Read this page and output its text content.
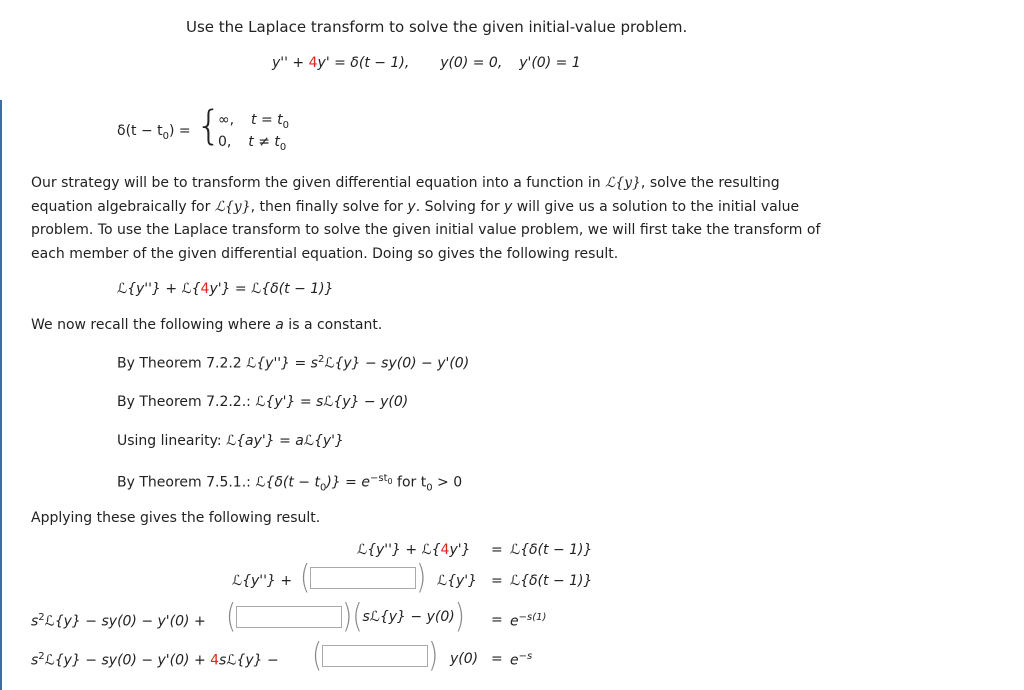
Use the Laplace transform to solve the given initial-value problem.
y'' + 4y' = δ(t − 1), y(0) = 0, y'(0) = 1
$\delta(t - t_0)$ = {
∞, $t = t_0$
0, $t \ne t_0$
Our strategy will be to transform the given differential equation into a function in ℒ{y}, solve the resulting equation algebraically for ℒ{y}, then finally solve for y. Solving for y will give us a solution to the initial value problem. To use the Laplace transform to solve the given initial value problem, we will first take the transform of each member of the given differential equation. Doing so gives the following result.
ℒ{y''} + ℒ{4y'} = ℒ{δ(t − 1)}
We now recall the following where a is a constant.
By Theorem 7.2.2 ℒ{y''} = $s^2ℒ\{y\} - sy(0) - y'(0)$
By Theorem 7.2.2.: ℒ{y'} = sℒ{y} − y(0)
Using linearity: ℒ{ay'} = aℒ{y'}
By Theorem 7.5.1.: ℒ{δ(t − $t_0)\} = e^{-st_0}$ for $t_0 > 0$
Applying these gives the following result.
ℒ{y''} + ℒ{4y'} = ℒ{δ(t − 1)}
ℒ{y''} + (	) ℒ{y'} = ℒ{δ(t − 1)}
$s^2ℒ\{y\} - sy(0) - y'(0)$ + (	)(sℒ{y} − $y(0)) = e^{-s(1)}$
$s^2ℒ\{y\} - sy(0) - y'(0)$ + 4sℒ{y} − (	) $y(0) = e^{-s}$
